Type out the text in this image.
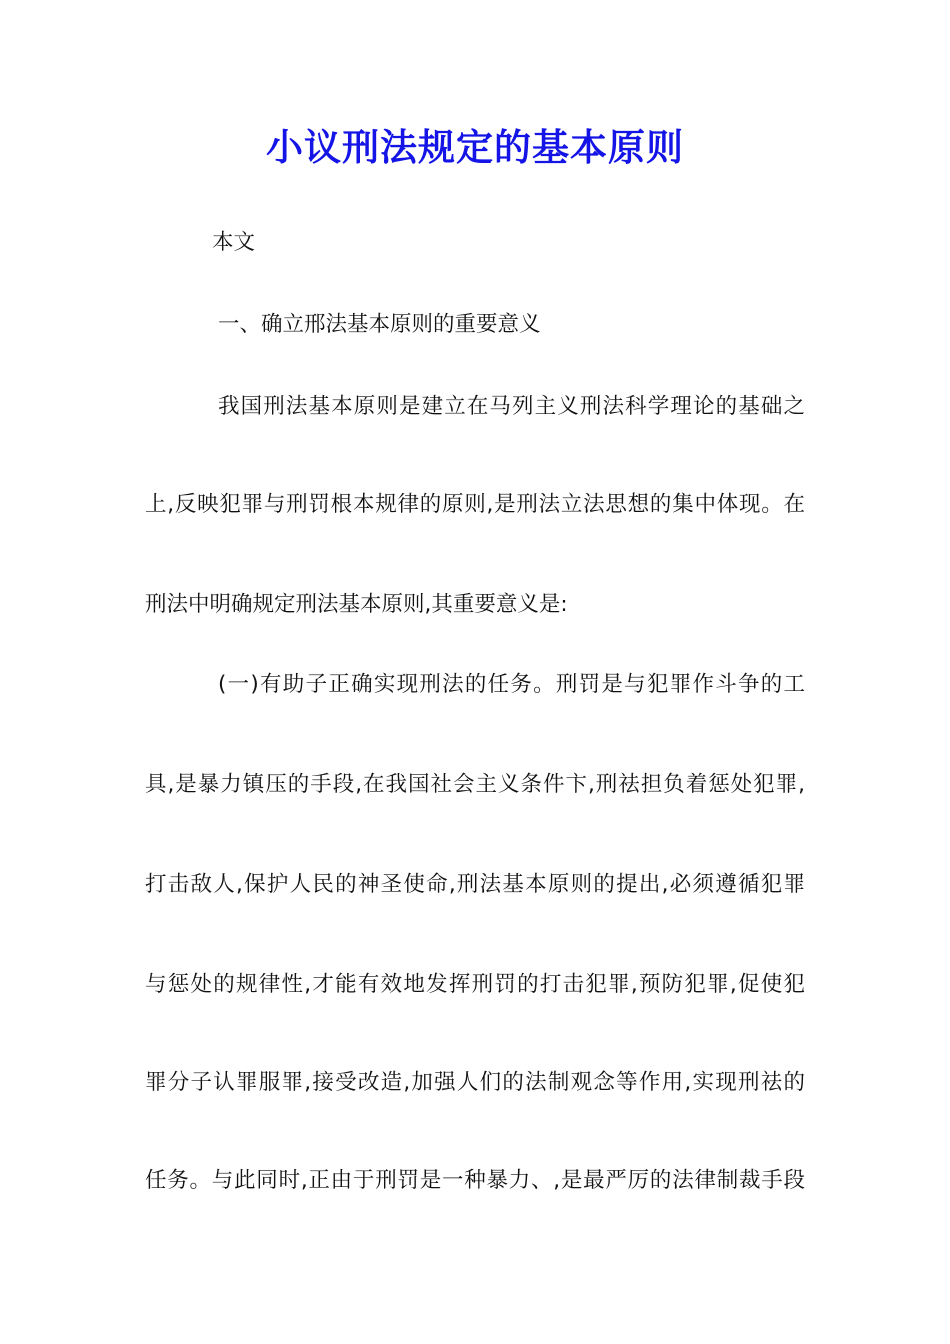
小议刑法规定的基本原则

本文

一、确立邢法基本原则的重要意义

我国刑法基本原则是建立在马列主义刑法科学理论的基础之

上,反映犯罪与刑罚根本规律的原则,是刑法立法思想的集中体现。在

刑法中明确规定刑法基本原则,其重要意义是:

(一)有助子正确实现刑法的任务。刑罚是与犯罪作斗争的工

具,是暴力镇压的手段,在我国社会主义条件卞,刑祛担负着惩处犯罪,

打击敌人,保护人民的神圣使命,刑法基本原则的提出,必须遵循犯罪

与惩处的规律性,才能有效地发挥刑罚的打击犯罪,预防犯罪,促使犯

罪分子认罪服罪,接受改造,加强人们的法制观念等作用,实现刑祛的

任务。与此同时,正由于刑罚是一种暴力、,是最严厉的法律制裁手段
